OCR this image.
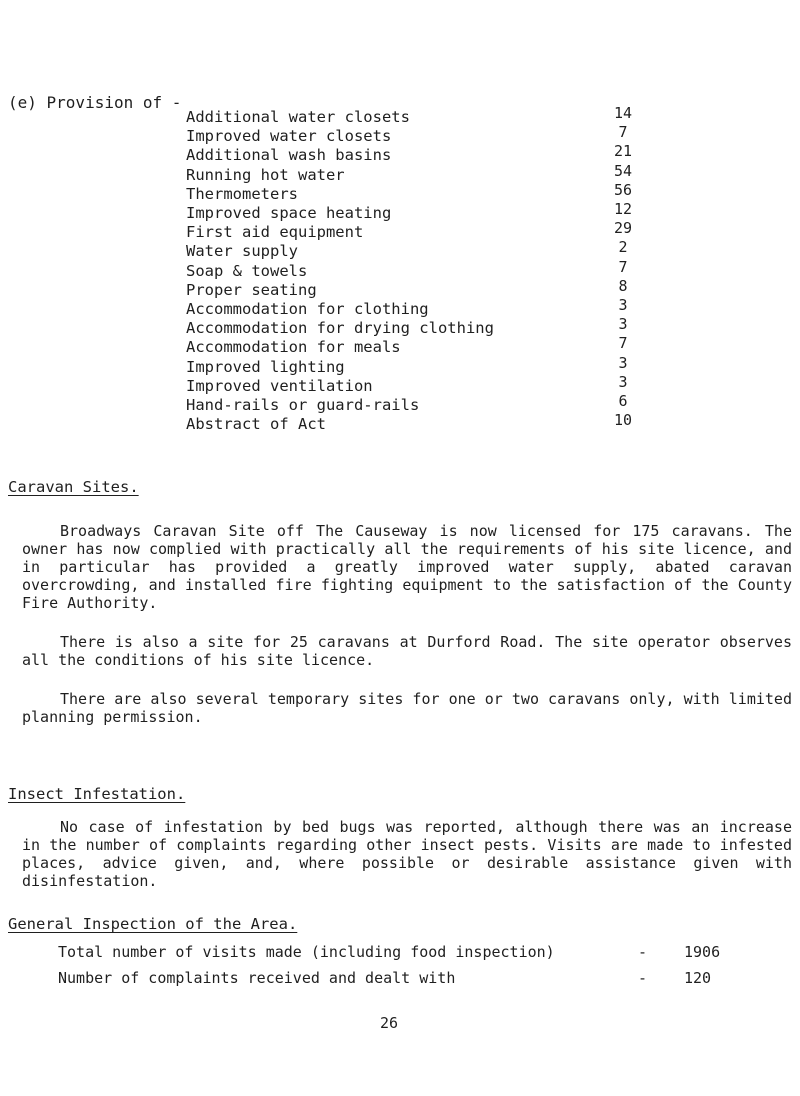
(e) Provision of -
Additional water closets
Improved water closets
Additional wash basins
Running hot water
Thermometers
Improved space heating
First aid equipment
Water supply
Soap & towels
Proper seating
Accommodation for clothing
Accommodation for drying clothing
Accommodation for meals
Improved lighting
Improved ventilation
Hand-rails or guard-rails
Abstract of Act
14
7
21
54
56
12
29
2
7
8
3
3
7
3
3
6
10
Caravan Sites.

Broadways Caravan Site off The Causeway is now licensed for 175 caravans. The owner has now complied with practically all the requirements of his site licence, and in particular has provided a greatly improved water supply, abated caravan overcrowding, and installed fire fighting equipment to the satisfaction of the County Fire Authority.

There is also a site for 25 caravans at Durford Road. The site operator observes all the conditions of his site licence.

There are also several temporary sites for one or two caravans only, with limited planning permission.

Insect Infestation.

No case of infestation by bed bugs was reported, although there was an increase in the number of complaints regarding other insect pests. Visits are made to infested places, advice given, and, where possible or desirable assistance given with disinfestation.

General Inspection of the Area.
Total number of visits made (including food inspection)	- 1906
Number of complaints received and dealt with	- 120
26
